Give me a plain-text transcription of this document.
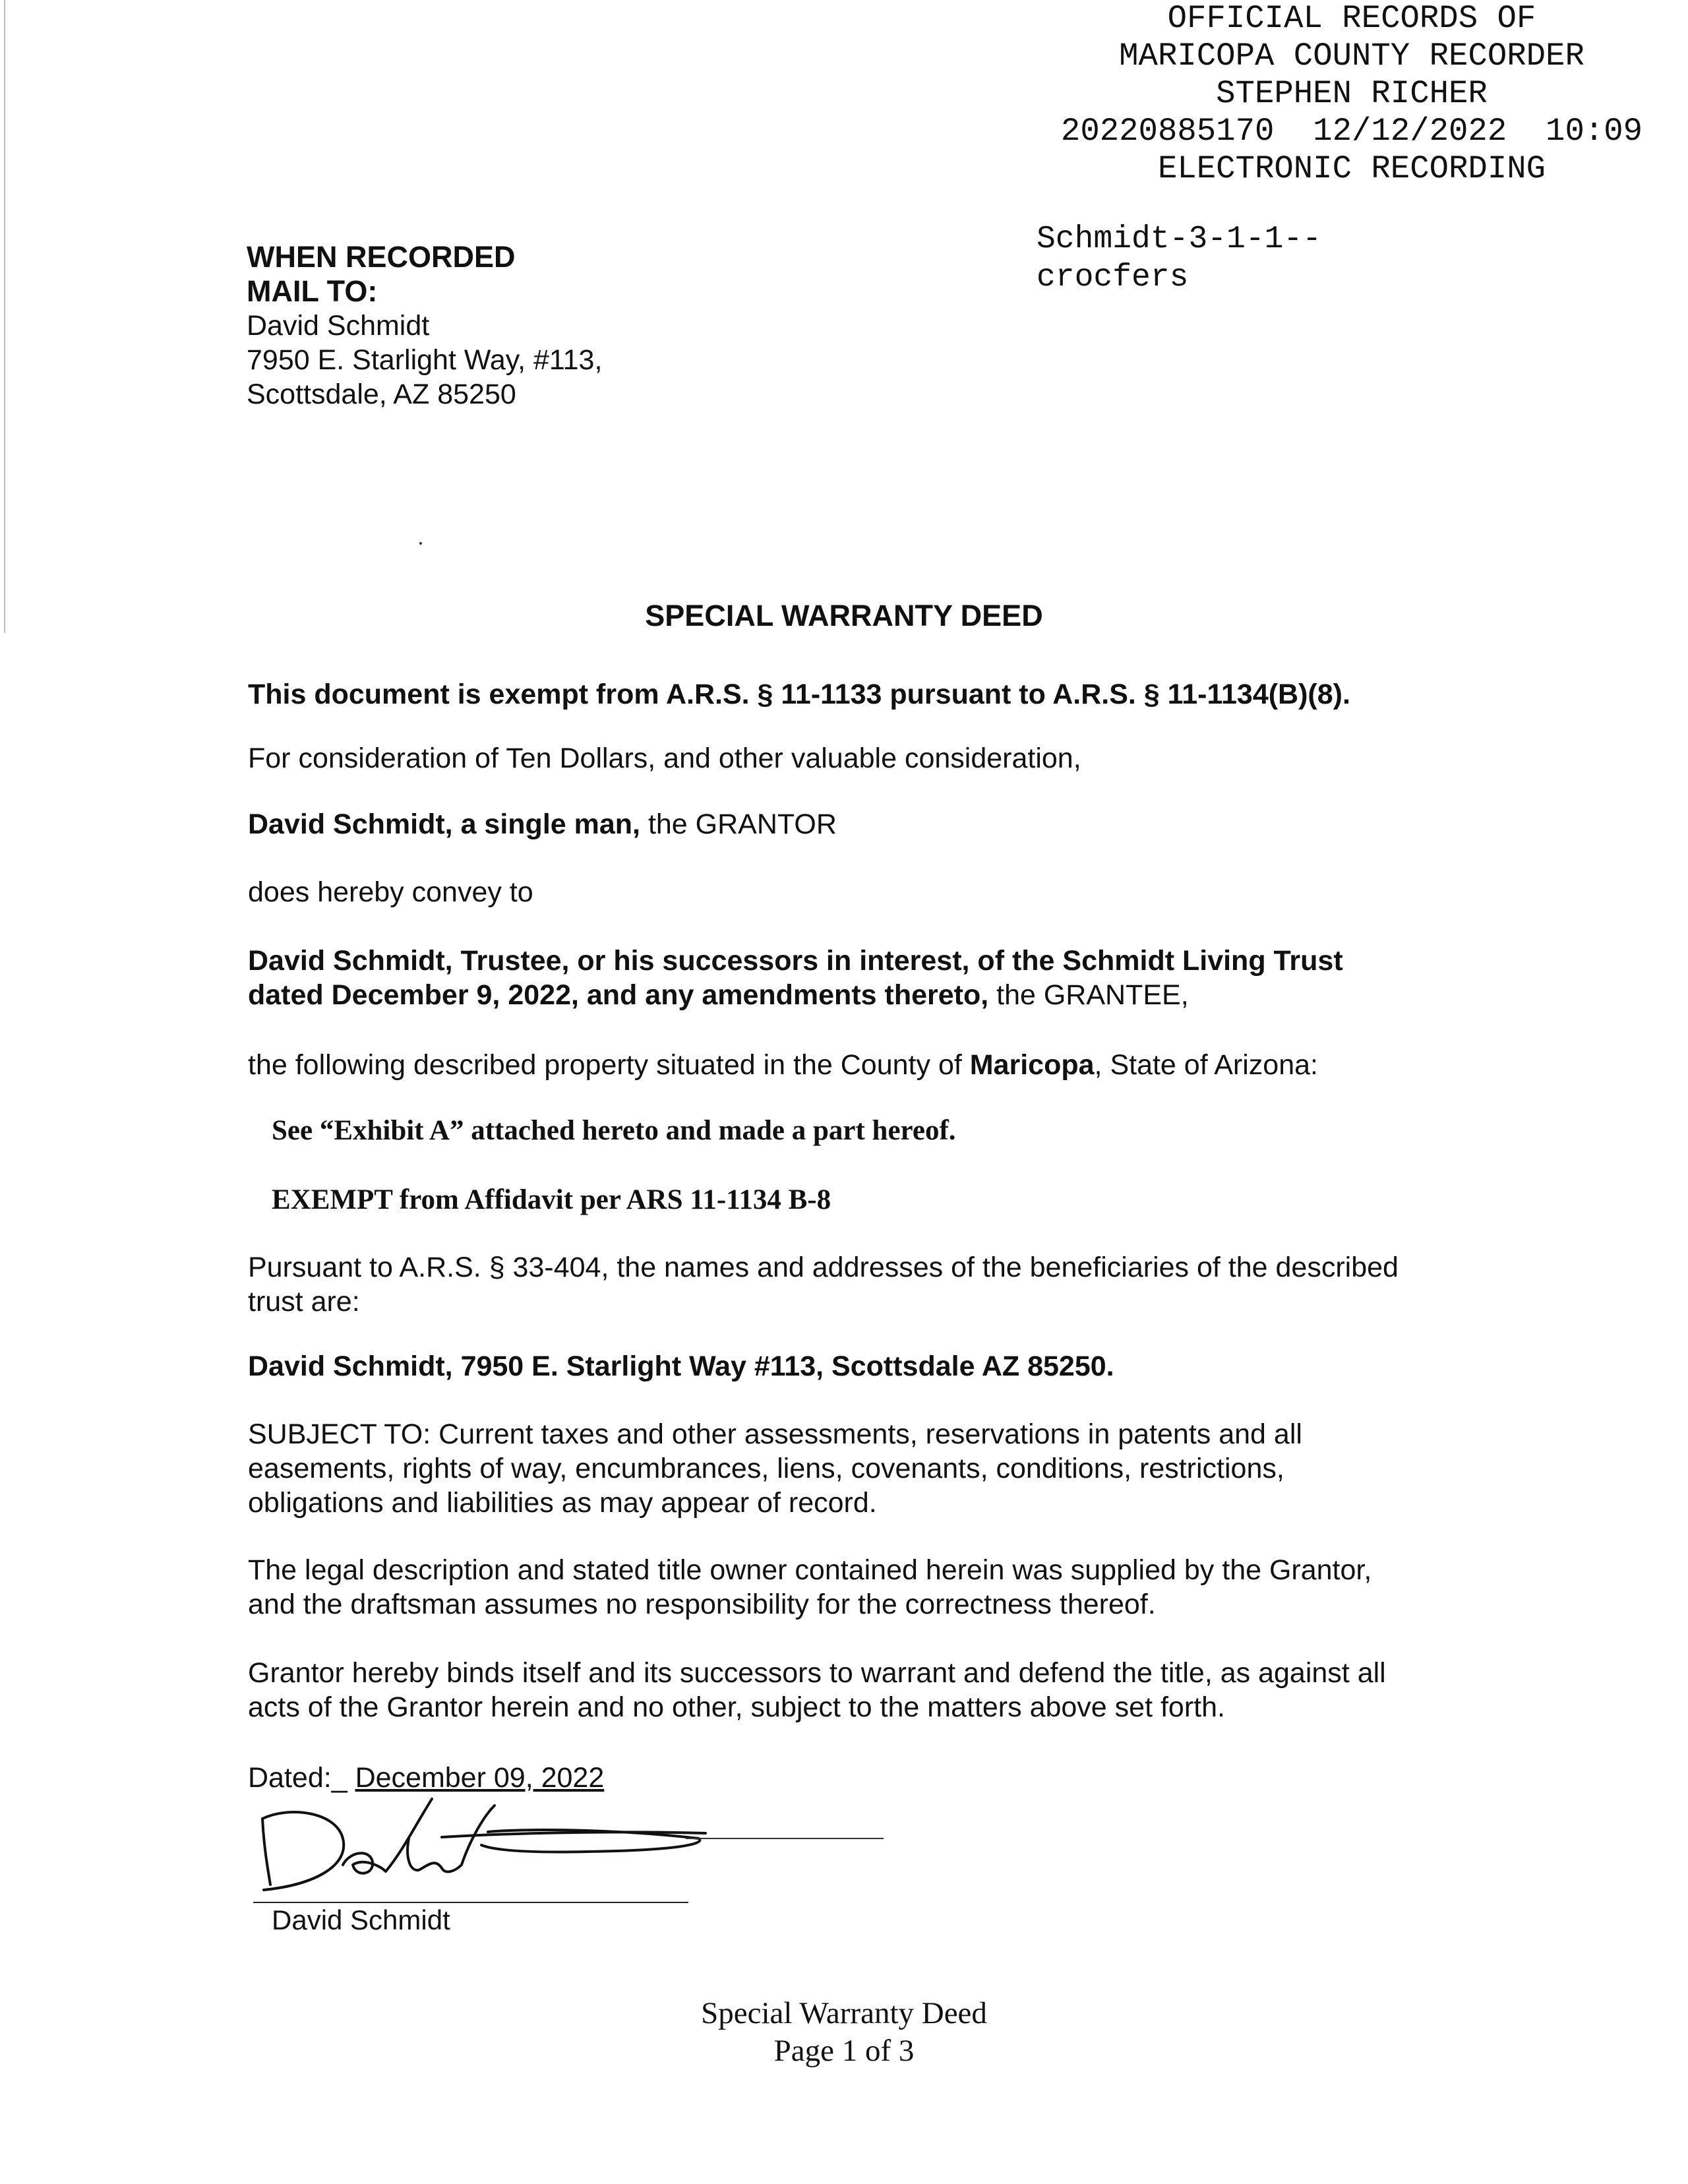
OFFICIAL RECORDS OF
MARICOPA COUNTY RECORDER
STEPHEN RICHER
20220885170  12/12/2022  10:09
ELECTRONIC RECORDING
Schmidt-3-1-1--
crocfers
WHEN RECORDED
MAIL TO:
David Schmidt
7950 E. Starlight Way, #113,
Scottsdale, AZ 85250
SPECIAL WARRANTY DEED
This document is exempt from A.R.S. § 11-1133 pursuant to A.R.S. § 11-1134(B)(8).
For consideration of Ten Dollars, and other valuable consideration,
David Schmidt, a single man, the GRANTOR
does hereby convey to
David Schmidt, Trustee, or his successors in interest, of the Schmidt Living Trust
dated December 9, 2022, and any amendments thereto, the GRANTEE,
the following described property situated in the County of Maricopa, State of Arizona:
See “Exhibit A” attached hereto and made a part hereof.
EXEMPT from Affidavit per ARS 11-1134 B-8
Pursuant to A.R.S. § 33-404, the names and addresses of the beneficiaries of the described
trust are:
David Schmidt, 7950 E. Starlight Way #113, Scottsdale AZ 85250.
SUBJECT TO: Current taxes and other assessments, reservations in patents and all
easements, rights of way, encumbrances, liens, covenants, conditions, restrictions,
obligations and liabilities as may appear of record.
The legal description and stated title owner contained herein was supplied by the Grantor,
and the draftsman assumes no responsibility for the correctness thereof.
Grantor hereby binds itself and its successors to warrant and defend the title, as against all
acts of the Grantor herein and no other, subject to the matters above set forth.
Dated:_ December 09, 2022
David Schmidt
Special Warranty Deed
Page 1 of 3
